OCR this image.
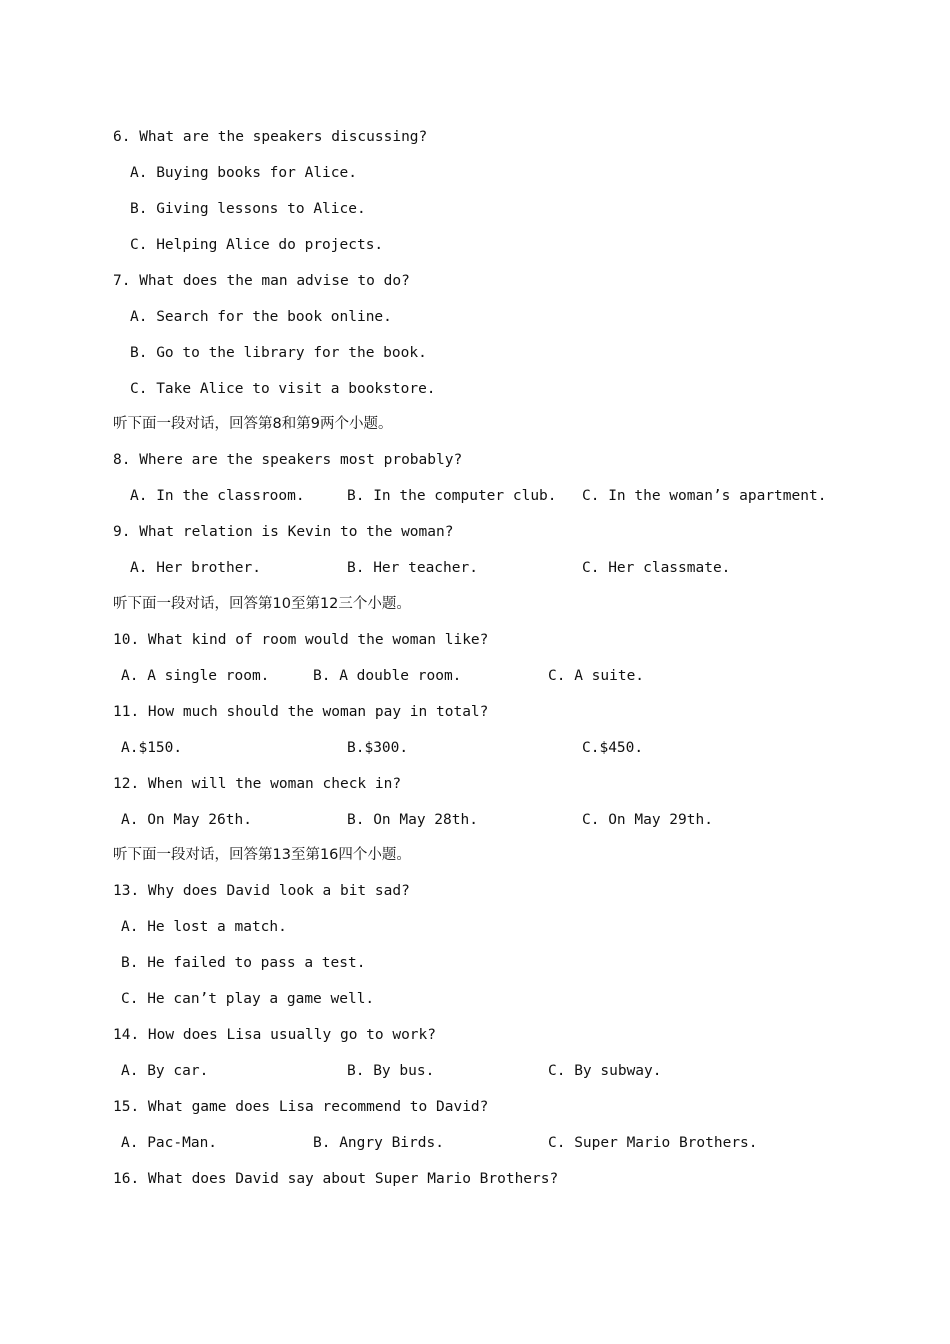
6. What are the speakers discussing?
A. Buying books for Alice.
B. Giving lessons to Alice.
C. Helping Alice do projects.
7. What does the man advise to do?
A. Search for the book online.
B. Go to the library for the book.
C. Take Alice to visit a bookstore.
听下面一段对话，回答第8和第9两个小题。
8. Where are the speakers most probably?
A. In the classroom.	B. In the computer club. C. In the woman’s apartment.
9. What relation is Kevin to the woman?
A. Her brother.	B. Her teacher.	C. Her classmate.
听下面一段对话，回答第10至第12三个小题。
10. What kind of room would the woman like?
A. A single room.	B. A double room.	C. A suite.
11. How much should the woman pay in total?
A.$150.	B.$300.	C.$450.
12. When will the woman check in?
A. On May 26th.	B. On May 28th.	C. On May 29th.
听下面一段对话，回答第13至第16四个小题。
13. Why does David look a bit sad?
A. He lost a match.
B. He failed to pass a test.
C. He can’t play a game well.
14. How does Lisa usually go to work?
A. By car.	B. By bus.	C. By subway.
15. What game does Lisa recommend to David?
A. Pac-Man.	B. Angry Birds.	C. Super Mario Brothers.
16. What does David say about Super Mario Brothers?
